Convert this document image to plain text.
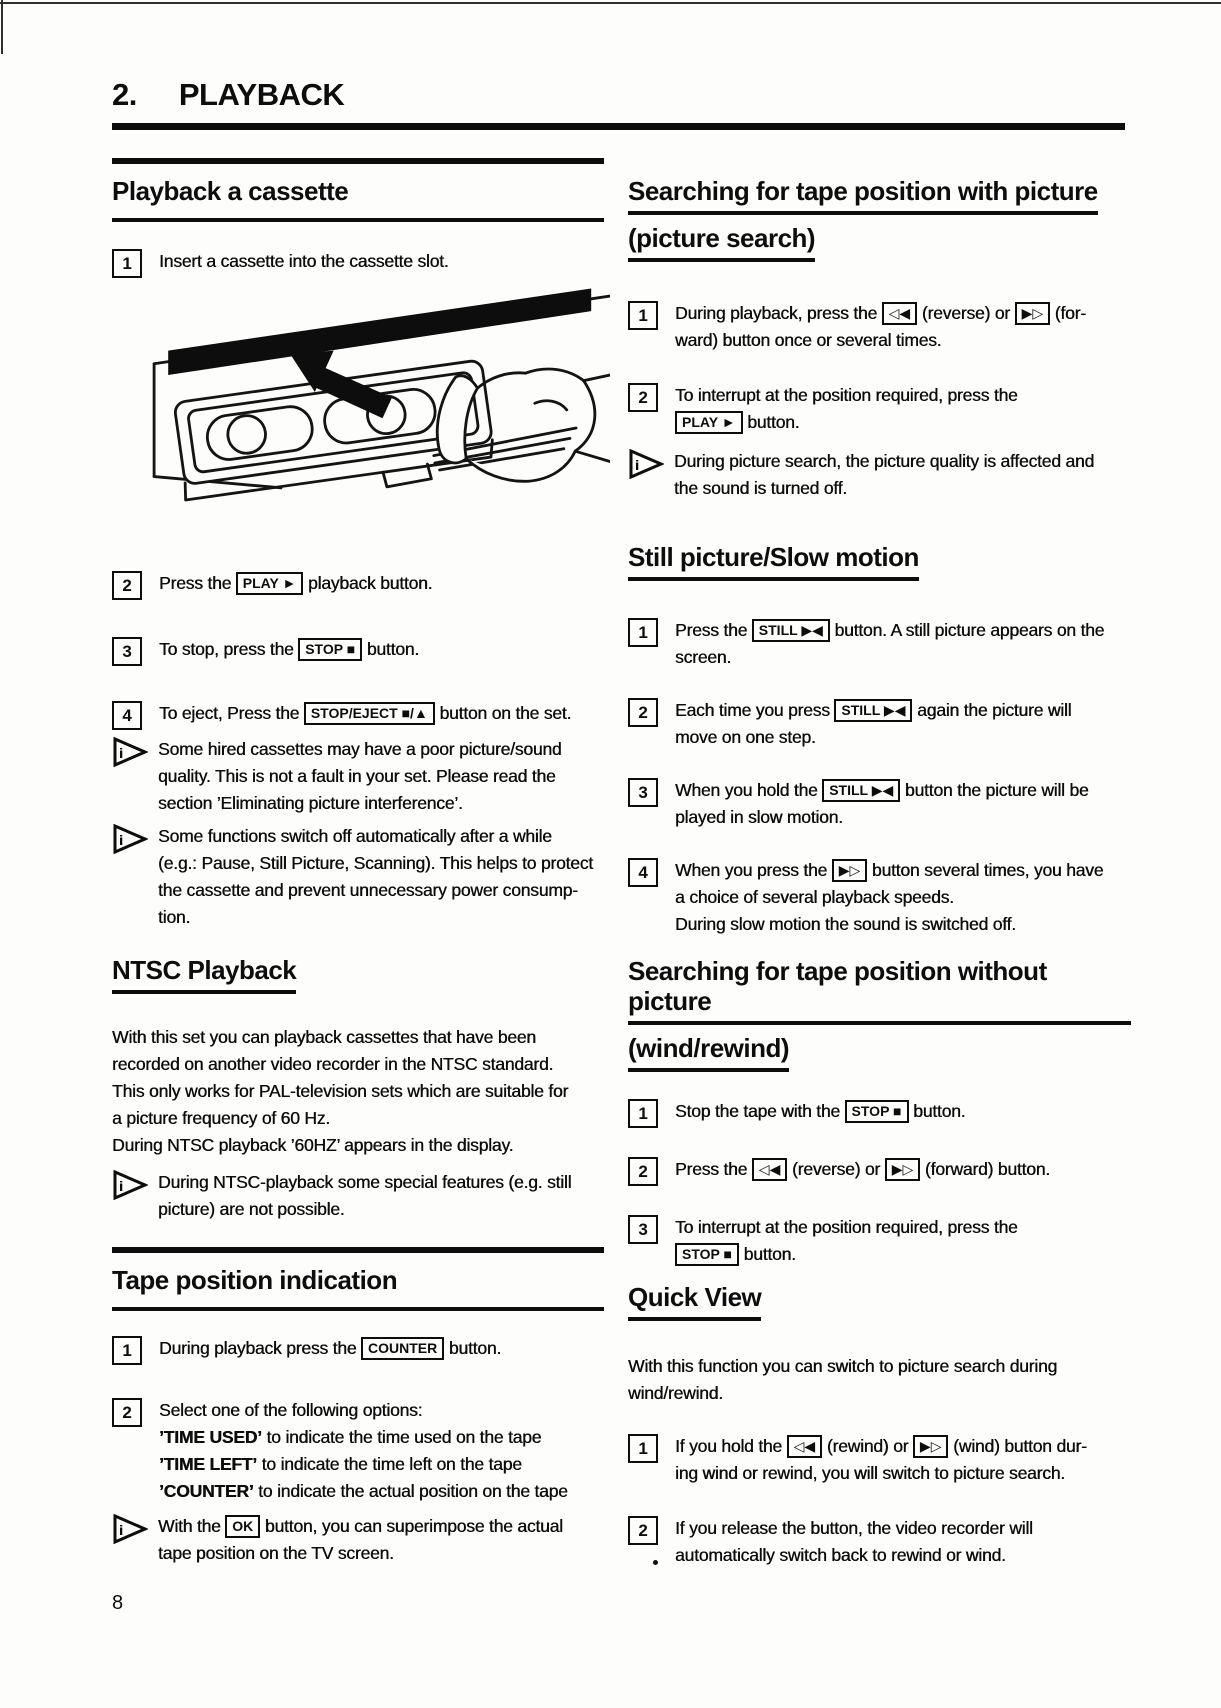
2. PLAYBACK
Playback a cassette
1	Insert a cassette into the cassette slot.

2	Press the PLAY ► playback button.

3	To stop, press the STOP ■ button.

4	To eject, Press the STOP/EJECT ■/▲ button on the set.

i Some hired cassettes may have a poor picture/sound
quality. This is not a fault in your set. Please read the
section ’Eliminating picture interference’.

i Some functions switch off automatically after a while
(e.g.: Pause, Still Picture, Scanning). This helps to protect
the cassette and prevent unnecessary power consump-
tion.

NTSC Playback

With this set you can playback cassettes that have been
recorded on another video recorder in the NTSC standard.
This only works for PAL-television sets which are suitable for
a picture frequency of 60 Hz.
During NTSC playback ’60HZ’ appears in the display.

i During NTSC-playback some special features (e.g. still
picture) are not possible.

Tape position indication
1	During playback press the COUNTER button.

2	Select one of the following options:
’TIME USED’ to indicate the time used on the tape
’TIME LEFT’ to indicate the time left on the tape
’COUNTER’ to indicate the actual position on the tape

i With the OK button, you can superimpose the actual
tape position on the TV screen.

Searching for tape position with picture
(picture search)
1	During playback, press the ◁◀ (reverse) or ▶▷ (for-
ward) button once or several times.

2	To interrupt at the position required, press the
PLAY ► button.

i During picture search, the picture quality is affected and
the sound is turned off.

Still picture/Slow motion
1	Press the STILL ▶◀ button. A still picture appears on the
screen.

2	Each time you press STILL ▶◀ again the picture will
move on one step.

3	When you hold the STILL ▶◀ button the picture will be
played in slow motion.

4	When you press the ▶▷ button several times, you have
a choice of several playback speeds.
During slow motion the sound is switched off.

Searching for tape position without picture
(wind/rewind)
1	Stop the tape with the STOP ■ button.

2	Press the ◁◀ (reverse) or ▶▷ (forward) button.

3	To interrupt at the position required, press the
STOP ■ button.

Quick View

With this function you can switch to picture search during
wind/rewind.

1	If you hold the ◁◀ (rewind) or ▶▷ (wind) button dur-
ing wind or rewind, you will switch to picture search.

2	If you release the button, the video recorder will
automatically switch back to rewind or wind.

8
